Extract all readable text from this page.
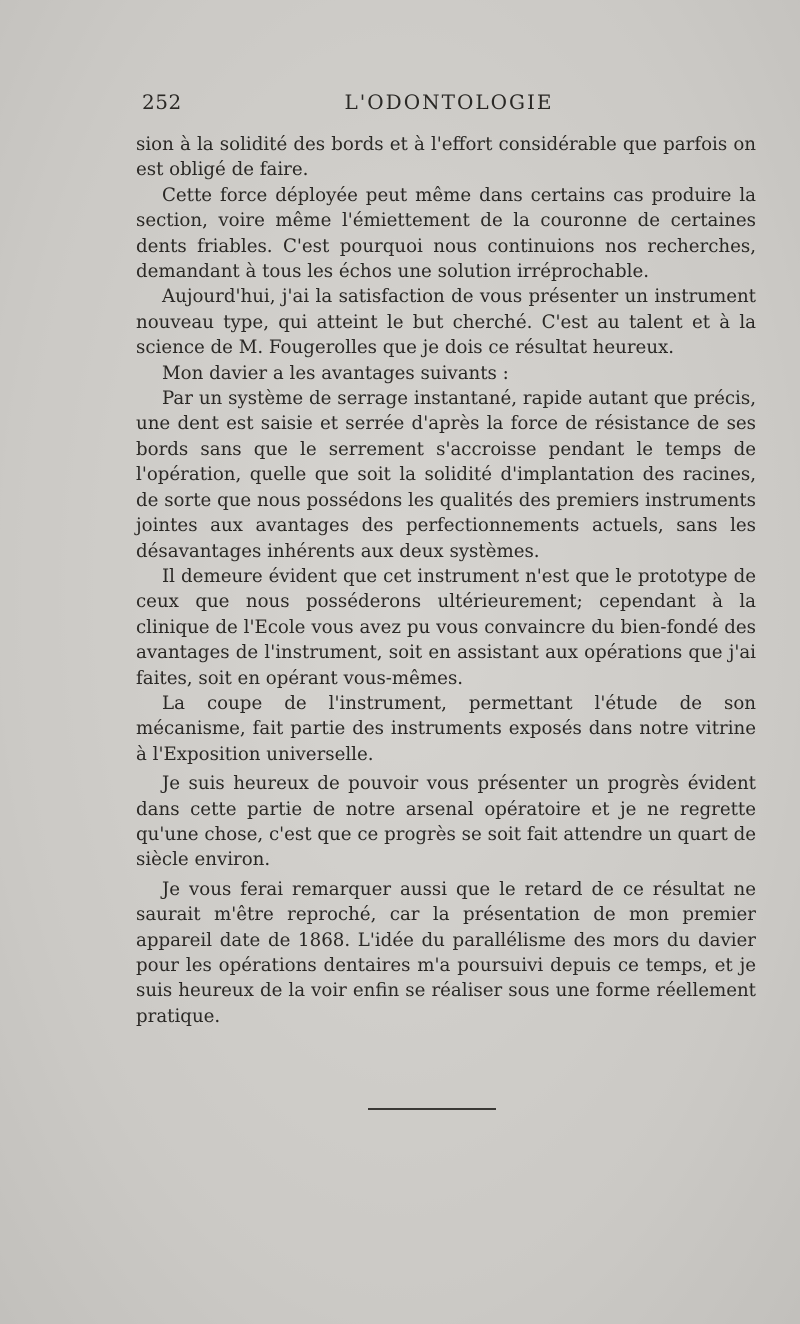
252	L'ODONTOLOGIE

sion à la solidité des bords et à l'effort considérable que parfois on est obligé de faire.

Cette force déployée peut même dans certains cas produire la section, voire même l'émiettement de la couronne de certaines dents friables. C'est pourquoi nous continuions nos recherches, demandant à tous les échos une solution irréprochable.

Aujourd'hui, j'ai la satisfaction de vous présenter un instrument nouveau type, qui atteint le but cherché. C'est au talent et à la science de M. Fougerolles que je dois ce résultat heureux.

Mon davier a les avantages suivants :

Par un système de serrage instantané, rapide autant que précis, une dent est saisie et serrée d'après la force de résistance de ses bords sans que le serrement s'accroisse pendant le temps de l'opération, quelle que soit la solidité d'implantation des racines, de sorte que nous possédons les qualités des premiers instruments jointes aux avantages des perfectionnements actuels, sans les désavantages inhérents aux deux systèmes.

Il demeure évident que cet instrument n'est que le prototype de ceux que nous posséderons ultérieurement; cependant à la clinique de l'Ecole vous avez pu vous convaincre du bien-fondé des avantages de l'instrument, soit en assistant aux opérations que j'ai faites, soit en opérant vous-mêmes.

La coupe de l'instrument, permettant l'étude de son mécanisme, fait partie des instruments exposés dans notre vitrine à l'Exposition universelle.

Je suis heureux de pouvoir vous présenter un progrès évident dans cette partie de notre arsenal opératoire et je ne regrette qu'une chose, c'est que ce progrès se soit fait attendre un quart de siècle environ.

Je vous ferai remarquer aussi que le retard de ce résultat ne saurait m'être reproché, car la présentation de mon premier appareil date de 1868. L'idée du parallélisme des mors du davier pour les opérations dentaires m'a poursuivi depuis ce temps, et je suis heureux de la voir enfin se réaliser sous une forme réellement pratique.
